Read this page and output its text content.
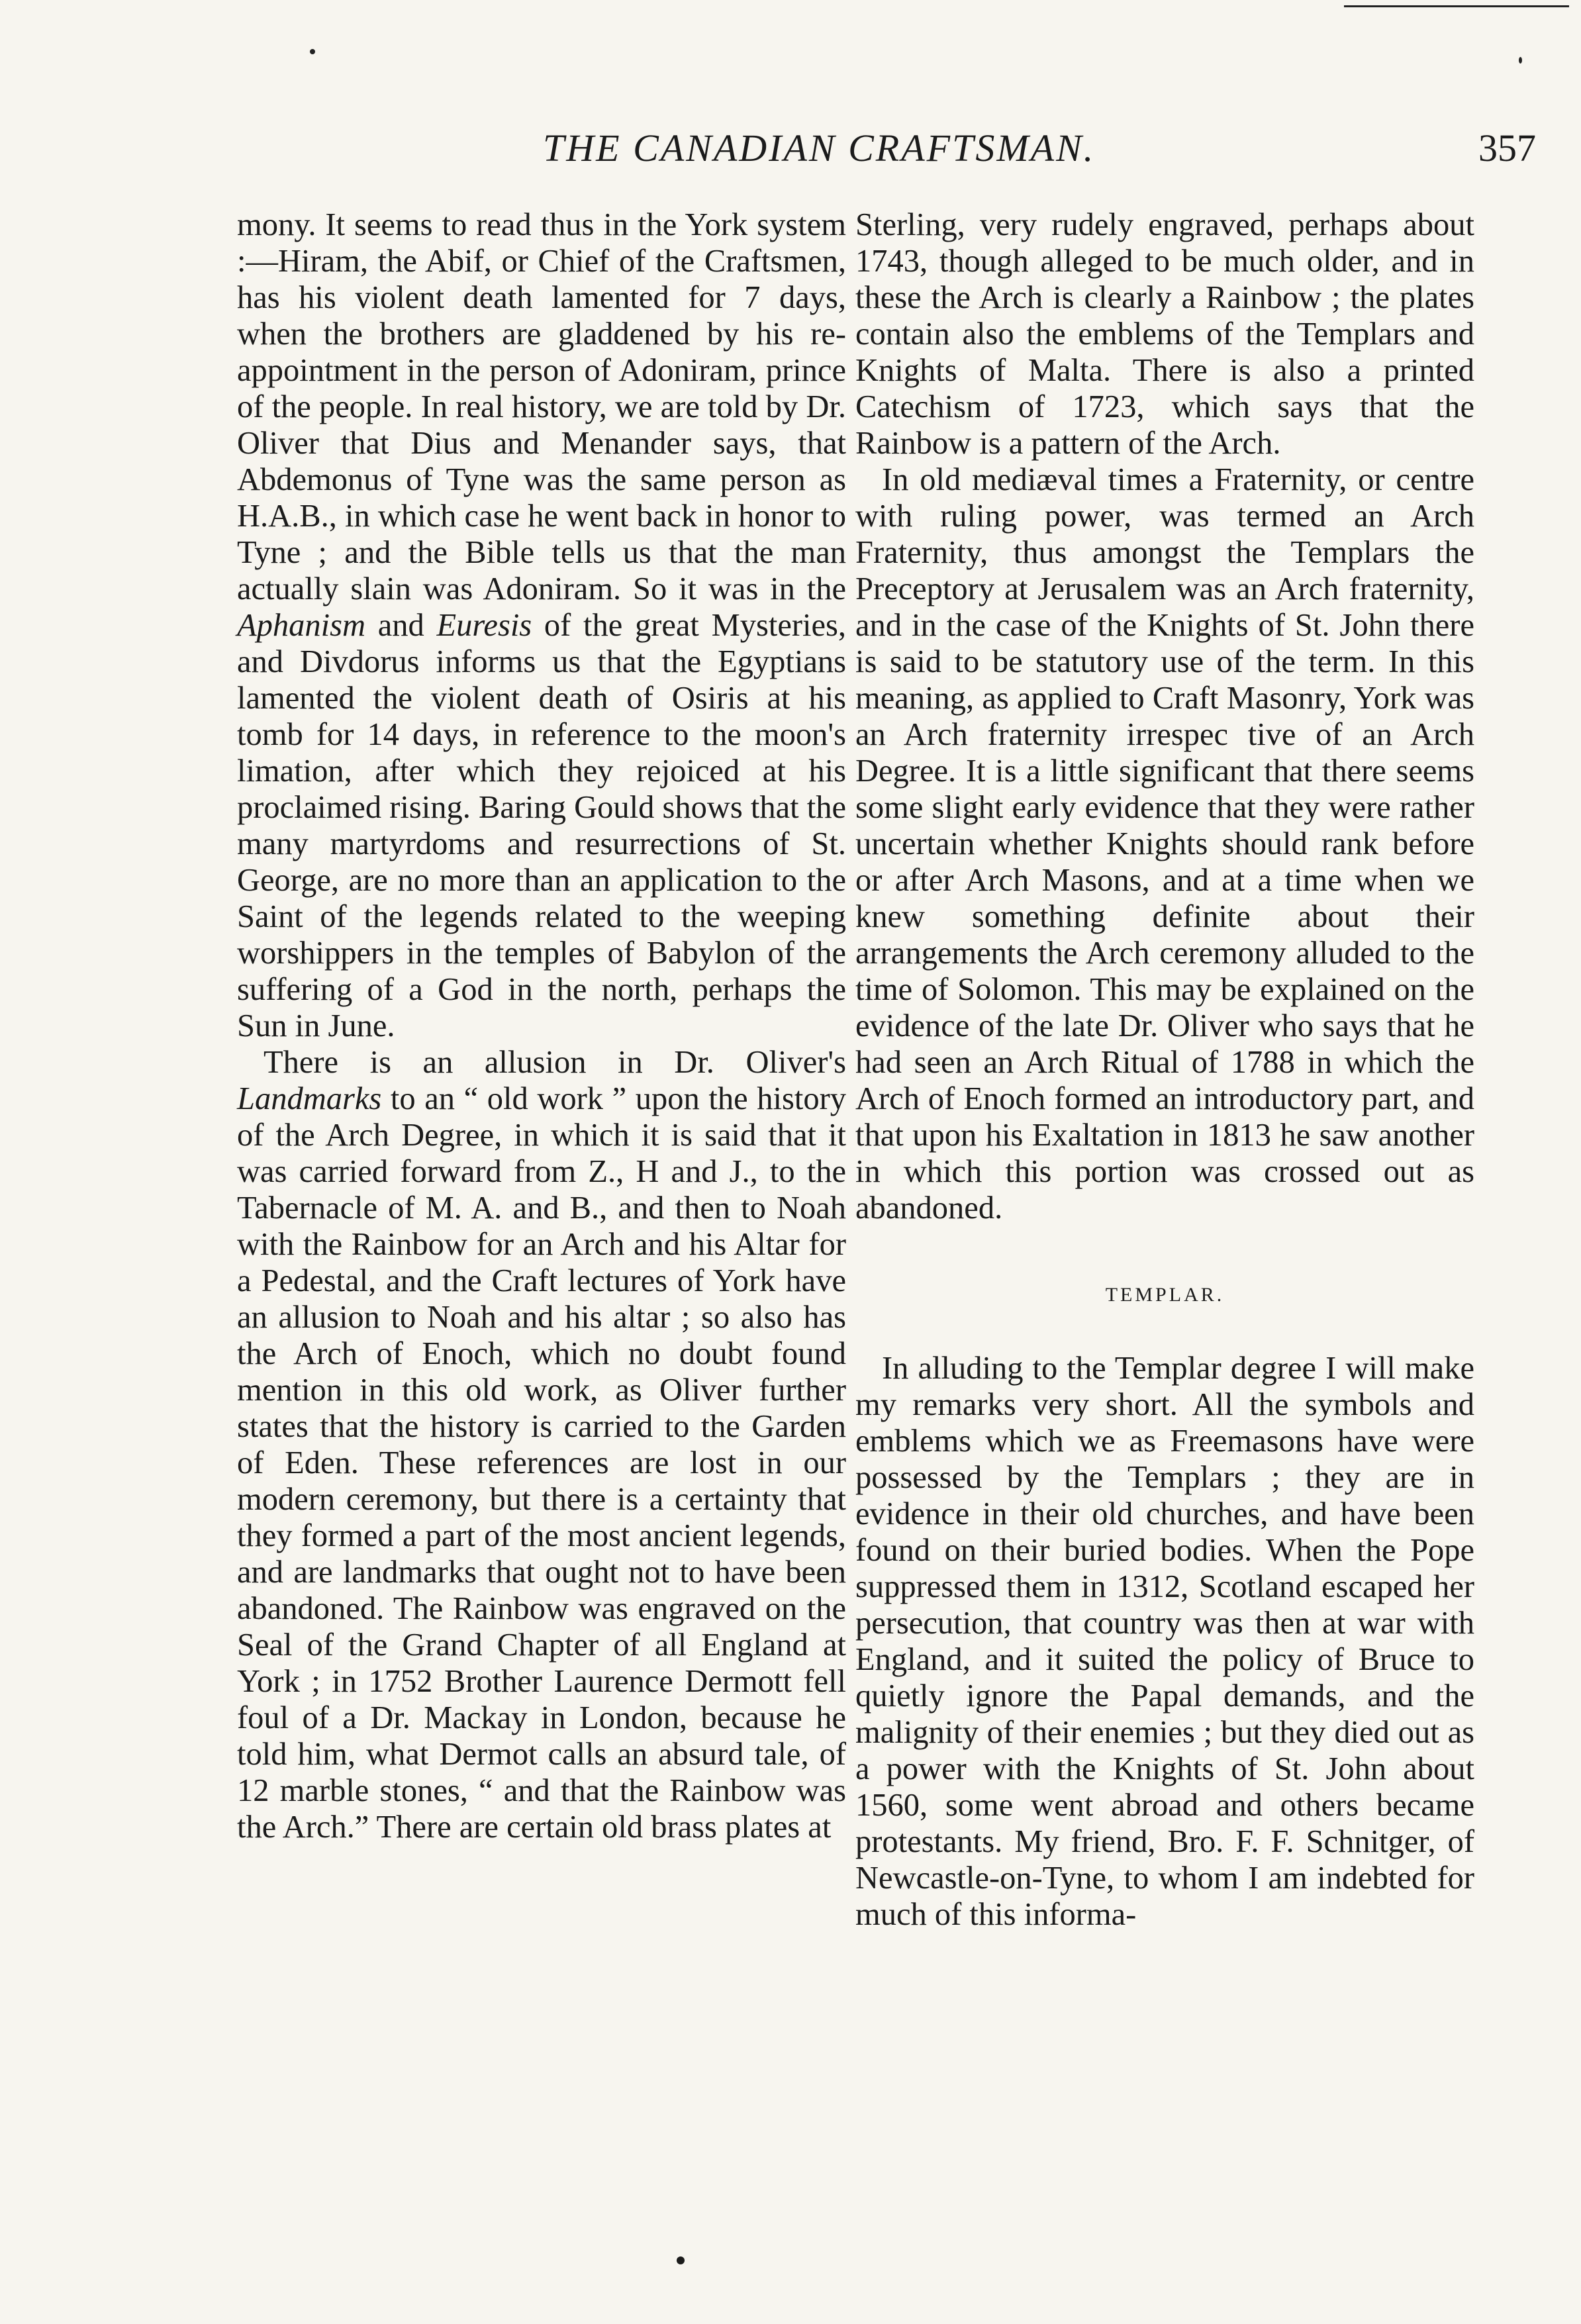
THE CANADIAN CRAFTSMAN.	357

mony. It seems to read thus in the York system :—Hiram, the Abif, or Chief of the Craftsmen, has his violent death lamented for 7 days, when the brothers are gladdened by his re-appointment in the person of Adoniram, prince of the people. In real history, we are told by Dr. Oliver that Dius and Menander says, that Abdemonus of Tyne was the same person as H.A.B., in which case he went back in honor to Tyne ; and the Bible tells us that the man actually slain was Adoniram. So it was in the Aphanism and Euresis of the great Mysteries, and Divdorus informs us that the Egyptians lamented the violent death of Osiris at his tomb for 14 days, in reference to the moon's limation, after which they rejoiced at his proclaimed rising. Baring Gould shows that the many martyrdoms and resurrections of St. George, are no more than an application to the Saint of the legends related to the weeping worshippers in the temples of Babylon of the suffering of a God in the north, perhaps the Sun in June.

There is an allusion in Dr. Oliver's Landmarks to an “ old work ” upon the history of the Arch Degree, in which it is said that it was carried forward from Z., H and J., to the Tabernacle of M. A. and B., and then to Noah with the Rainbow for an Arch and his Altar for a Pedestal, and the Craft lectures of York have an allusion to Noah and his altar ; so also has the Arch of Enoch, which no doubt found mention in this old work, as Oliver further states that the history is carried to the Garden of Eden. These references are lost in our modern ceremony, but there is a certainty that they formed a part of the most ancient legends, and are landmarks that ought not to have been abandoned. The Rainbow was engraved on the Seal of the Grand Chapter of all England at York ; in 1752 Brother Laurence Dermott fell foul of a Dr. Mackay in London, because he told him, what Dermot calls an absurd tale, of 12 marble stones, “ and that the Rainbow was the Arch.” There are certain old brass plates at

Sterling, very rudely engraved, perhaps about 1743, though alleged to be much older, and in these the Arch is clearly a Rainbow ; the plates contain also the emblems of the Templars and Knights of Malta. There is also a printed Catechism of 1723, which says that the Rainbow is a pattern of the Arch.

In old mediæval times a Fraternity, or centre with ruling power, was termed an Arch Fraternity, thus amongst the Templars the Preceptory at Jerusalem was an Arch fraternity, and in the case of the Knights of St. John there is said to be statutory use of the term. In this meaning, as applied to Craft Masonry, York was an Arch fraternity irrespec tive of an Arch Degree. It is a little significant that there seems some slight early evidence that they were rather uncertain whether Knights should rank before or after Arch Masons, and at a time when we knew something definite about their arrangements the Arch ceremony alluded to the time of Solomon. This may be explained on the evidence of the late Dr. Oliver who says that he had seen an Arch Ritual of 1788 in which the Arch of Enoch formed an introductory part, and that upon his Exaltation in 1813 he saw another in which this portion was crossed out as abandoned.

TEMPLAR.

In alluding to the Templar degree I will make my remarks very short. All the symbols and emblems which we as Freemasons have were possessed by the Templars ; they are in evidence in their old churches, and have been found on their buried bodies. When the Pope suppressed them in 1312, Scotland escaped her persecution, that country was then at war with England, and it suited the policy of Bruce to quietly ignore the Papal demands, and the malignity of their enemies ; but they died out as a power with the Knights of St. John about 1560, some went abroad and others became protestants. My friend, Bro. F. F. Schnitger, of Newcastle-on-Tyne, to whom I am indebted for much of this informa-
